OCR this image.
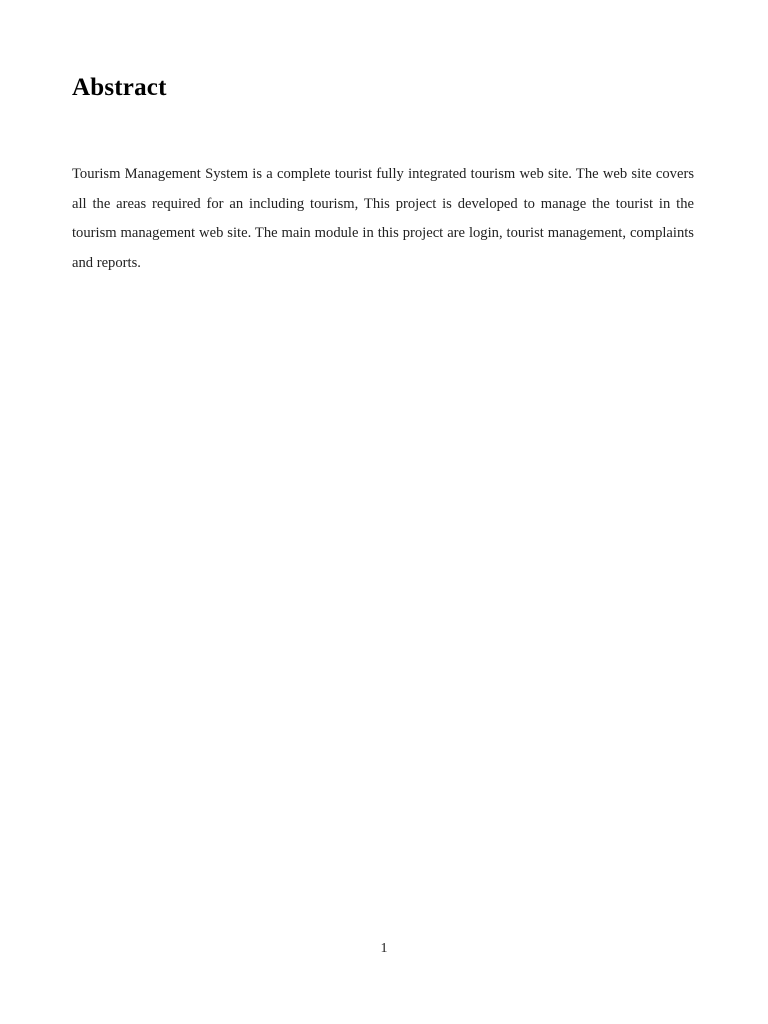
Abstract

Tourism Management System is a complete tourist fully integrated tourism web site. The web site covers all the areas required for an including tourism, This project is developed to manage the tourist in the tourism management web site. The main module in this project are login, tourist management, complaints and reports.

1
